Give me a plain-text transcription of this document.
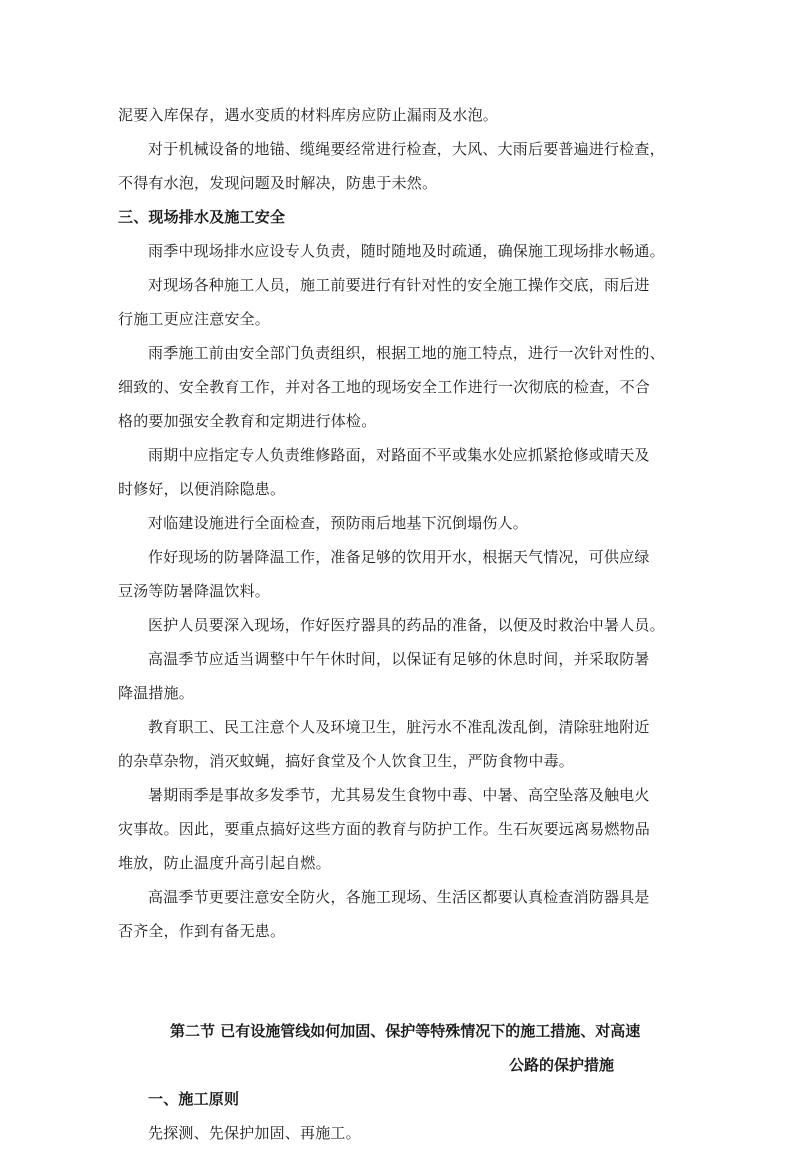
泥要入库保存，遇水变质的材料库房应防止漏雨及水泡。
对于机械设备的地锚、缆绳要经常进行检查，大风、大雨后要普遍进行检查，
不得有水泡，发现问题及时解决，防患于未然。
三、现场排水及施工安全
雨季中现场排水应设专人负责，随时随地及时疏通，确保施工现场排水畅通。
对现场各种施工人员，施工前要进行有针对性的安全施工操作交底，雨后进
行施工更应注意安全。
雨季施工前由安全部门负责组织，根据工地的施工特点，进行一次针对性的、
细致的、安全教育工作，并对各工地的现场安全工作进行一次彻底的检查，不合
格的要加强安全教育和定期进行体检。
雨期中应指定专人负责维修路面，对路面不平或集水处应抓紧抢修或晴天及
时修好，以便消除隐患。
对临建设施进行全面检查，预防雨后地基下沉倒塌伤人。
作好现场的防暑降温工作，准备足够的饮用开水，根据天气情况，可供应绿
豆汤等防暑降温饮料。
医护人员要深入现场，作好医疗器具的药品的准备，以便及时救治中暑人员。
高温季节应适当调整中午午休时间，以保证有足够的休息时间，并采取防暑
降温措施。
教育职工、民工注意个人及环境卫生，脏污水不准乱泼乱倒，清除驻地附近
的杂草杂物，消灭蚊蝇，搞好食堂及个人饮食卫生，严防食物中毒。
暑期雨季是事故多发季节，尤其易发生食物中毒、中暑、高空坠落及触电火
灾事故。因此，要重点搞好这些方面的教育与防护工作。生石灰要远离易燃物品
堆放，防止温度升高引起自燃。
高温季节更要注意安全防火，各施工现场、生活区都要认真检查消防器具是
否齐全，作到有备无患。
第二节 已有设施管线如何加固、保护等特殊情况下的施工措施、对高速
公路的保护措施
一、施工原则
先探测、先保护加固、再施工。
